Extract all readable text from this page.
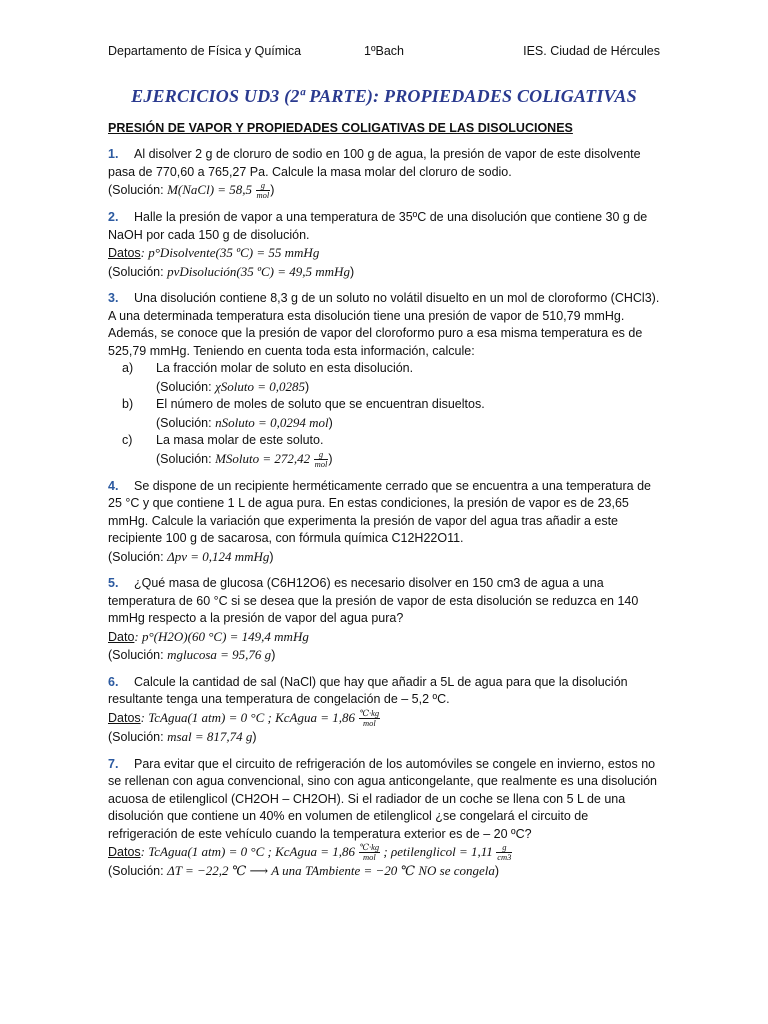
Departamento de Física y Química	1ºBach	IES. Ciudad de Hércules
EJERCICIOS UD3 (2ª PARTE): PROPIEDADES COLIGATIVAS
PRESIÓN DE VAPOR Y PROPIEDADES COLIGATIVAS DE LAS DISOLUCIONES

1. Al disolver 2 g de cloruro de sodio en 100 g de agua, la presión de vapor de este disolvente pasa de 770,60 a 765,27 Pa. Calcule la masa molar del cloruro de sodio.

(Solución: M(NaCl) = $58,5 \frac{g}{\text{mol}}$ )

2. Halle la presión de vapor a una temperatura de 35ºC de una disolución que contiene 30 g de NaOH por cada 150 g de disolución.

Datos: p°Disolvente(35 ºC) = 55 mmHg

(Solución: pvDisolución(35 ºC) = 49,5 mmHg)

3. Una disolución contiene 8,3 g de un soluto no volátil disuelto en un mol de cloroformo (CHCl3). A una determinada temperatura esta disolución tiene una presión de vapor de 510,79 mmHg. Además, se conoce que la presión de vapor del cloroformo puro a esa misma temperatura es de 525,79 mmHg. Teniendo en cuenta toda esta información, calcule:

a) La fracción molar de soluto en esta disolución.

(Solución: χSoluto = 0,0285)

b) El número de moles de soluto que se encuentran disueltos.

(Solución: nSoluto = 0,0294 mol)

c) La masa molar de este soluto.

(Solución: MSoluto = $272,42 \frac{g}{\text{mol}}$ )

4. Se dispone de un recipiente herméticamente cerrado que se encuentra a una temperatura de 25 °C y que contiene 1 L de agua pura. En estas condiciones, la presión de vapor es de 23,65 mmHg. Calcule la variación que experimenta la presión de vapor del agua tras añadir a este recipiente 100 g de sacarosa, con fórmula química C12H22O11.

(Solución: Δpv = 0,124 mmHg)

5. ¿Qué masa de glucosa (C6H12O6) es necesario disolver en 150 cm3 de agua a una temperatura de 60 °C si se desea que la presión de vapor de esta disolución se reduzca en 140 mmHg respecto a la presión de vapor del agua pura?

Dato: p°(H2O)(60 °C) = 149,4 mmHg

(Solución: mglucosa = 95,76 g)

6. Calcule la cantidad de sal (NaCl) que hay que añadir a 5L de agua para que la disolución resultante tenga una temperatura de congelación de – 5,2 ºC.

Datos: TcAgua(1 atm) = 0 °C ; KcAgua = $1,86 \frac{℃\cdot kg}{\text{mol}}$

(Solución: msal = 817,74 g)

7. Para evitar que el circuito de refrigeración de los automóviles se congele en invierno, estos no se rellenan con agua convencional, sino con agua anticongelante, que realmente es una disolución acuosa de etilenglicol (CH2OH – CH2OH). Si el radiador de un coche se llena con 5 L de una disolución que contiene un 40% en volumen de etilenglicol ¿se congelará el circuito de refrigeración de este vehículo cuando la temperatura exterior es de – 20 ºC?

Datos: TcAgua(1 atm) = 0 °C ; KcAgua = $1,86 \frac{℃\cdot kg}{\text{mol}}$ ; ρetilenglicol = $1,11 \frac{g}{cm3}$

(Solución: ΔT = −22,2 ℃ ⟶ A una TAmbiente = −20 ℃ NO se congela)
